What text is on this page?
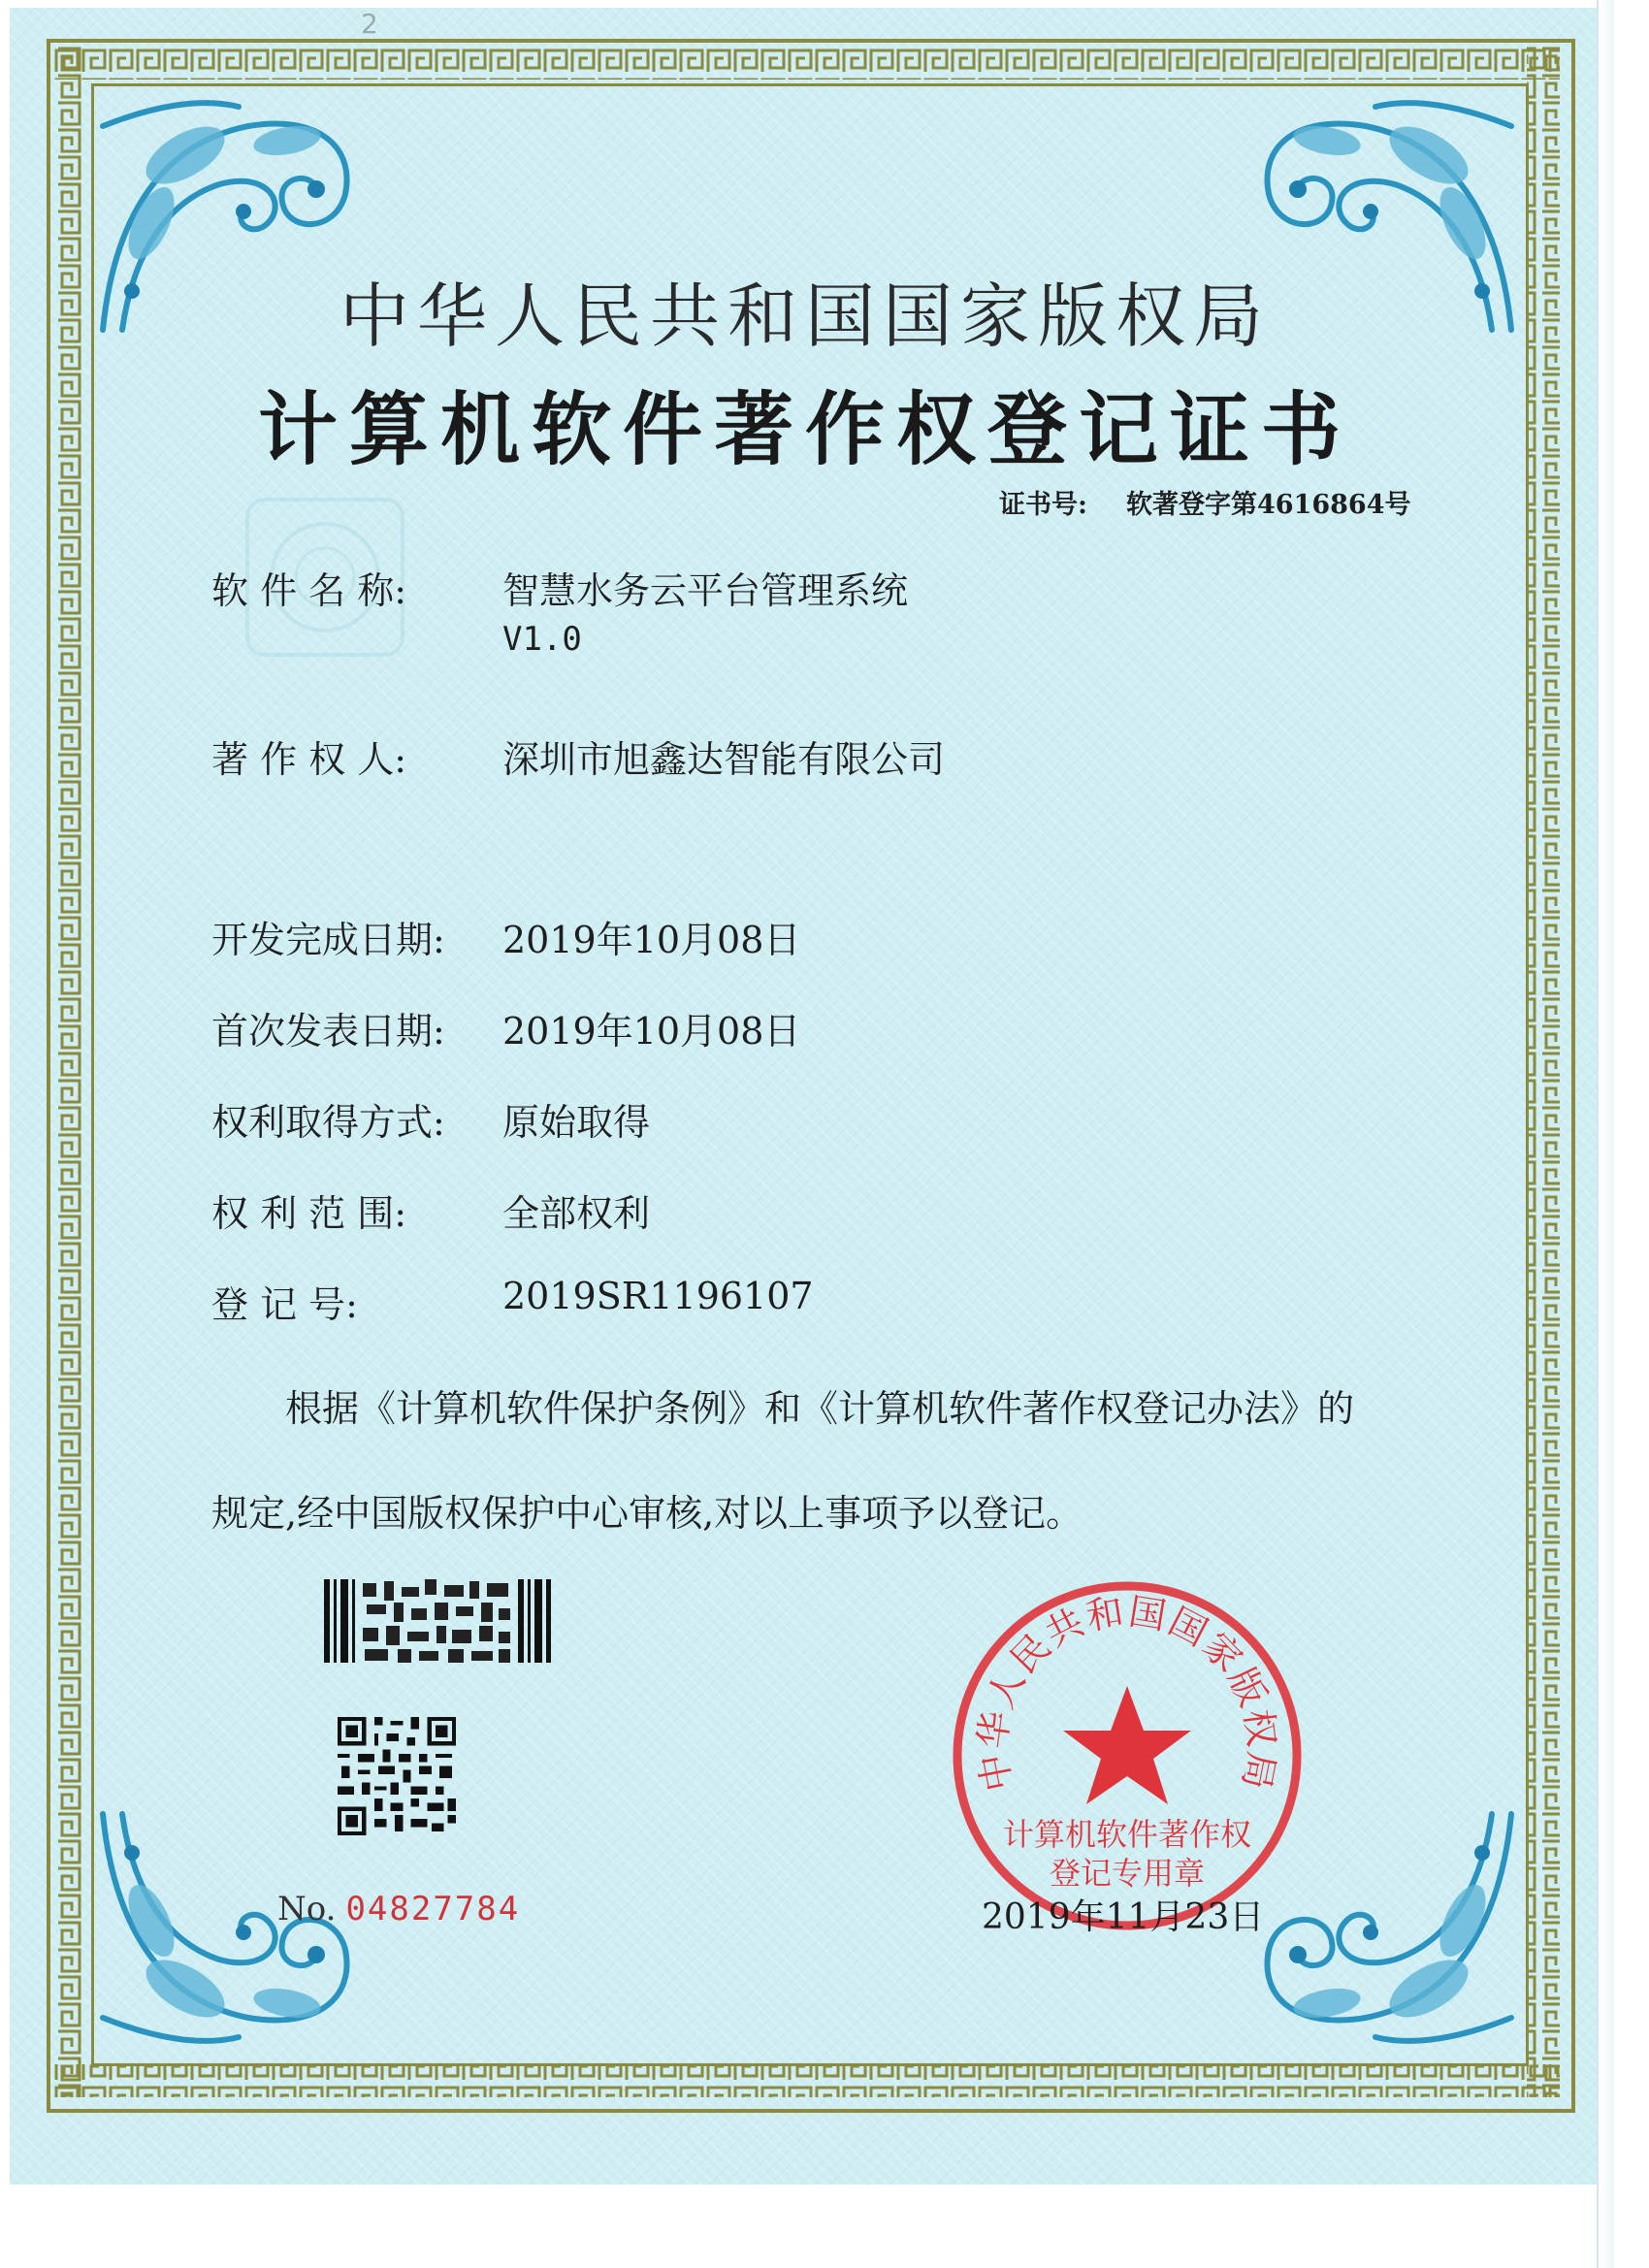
2
中华人民共和国国家版权局
计算机软件著作权登记证书
证书号: 软著登字第4616864号
软 件 名 称:	智慧水务云平台管理系统
V1.0
著 作 权 人:	深圳市旭鑫达智能有限公司
开发完成日期: 2019年10月08日
首次发表日期: 2019年10月08日
权利取得方式: 原始取得
权 利 范 围:	全部权利
登 记 号:	2019SR1196107
根据《计算机软件保护条例》和《计算机软件著作权登记办法》的
规定,经中国版权保护中心审核,对以上事项予以登记。
No. 04827784
中华人民共和国国家版权局
计算机软件著作权
登记专用章
2019年11月23日
